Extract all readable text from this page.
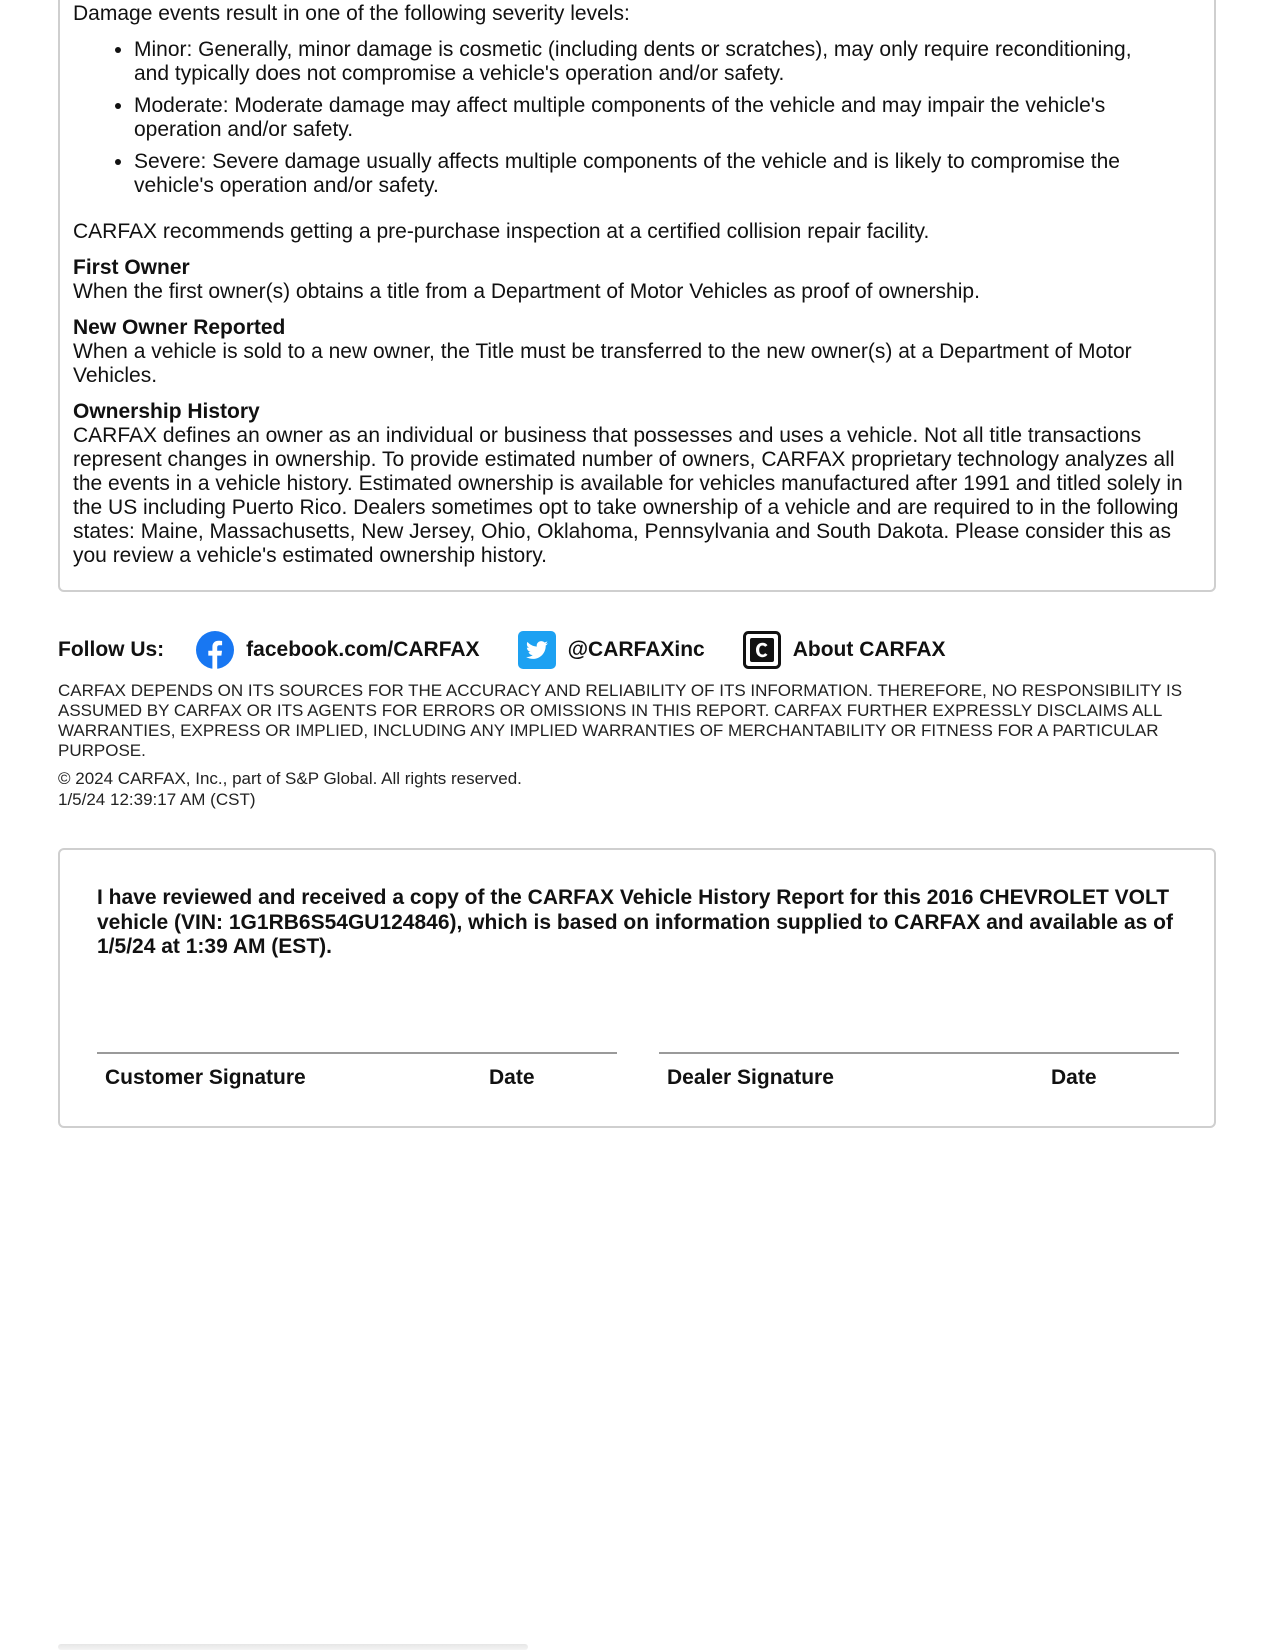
Damage events result in one of the following severity levels:

• Minor: Generally, minor damage is cosmetic (including dents or scratches), may only require reconditioning, and typically does not compromise a vehicle's operation and/or safety.
• Moderate: Moderate damage may affect multiple components of the vehicle and may impair the vehicle's operation and/or safety.
• Severe: Severe damage usually affects multiple components of the vehicle and is likely to compromise the vehicle's operation and/or safety.

CARFAX recommends getting a pre-purchase inspection at a certified collision repair facility.

First Owner

When the first owner(s) obtains a title from a Department of Motor Vehicles as proof of ownership.

New Owner Reported

When a vehicle is sold to a new owner, the Title must be transferred to the new owner(s) at a Department of Motor Vehicles.

Ownership History

CARFAX defines an owner as an individual or business that possesses and uses a vehicle. Not all title transactions represent changes in ownership. To provide estimated number of owners, CARFAX proprietary technology analyzes all the events in a vehicle history. Estimated ownership is available for vehicles manufactured after 1991 and titled solely in the US including Puerto Rico. Dealers sometimes opt to take ownership of a vehicle and are required to in the following states: Maine, Massachusetts, New Jersey, Ohio, Oklahoma, Pennsylvania and South Dakota. Please consider this as you review a vehicle's estimated ownership history.

Follow Us:	facebook.com/CARFAX	@CARFAXinc	About CARFAX
CARFAX DEPENDS ON ITS SOURCES FOR THE ACCURACY AND RELIABILITY OF ITS INFORMATION. THEREFORE, NO RESPONSIBILITY IS ASSUMED BY CARFAX OR ITS AGENTS FOR ERRORS OR OMISSIONS IN THIS REPORT. CARFAX FURTHER EXPRESSLY DISCLAIMS ALL WARRANTIES, EXPRESS OR IMPLIED, INCLUDING ANY IMPLIED WARRANTIES OF MERCHANTABILITY OR FITNESS FOR A PARTICULAR PURPOSE.
© 2024 CARFAX, Inc., part of S&P Global. All rights reserved.
1/5/24 12:39:17 AM (CST)
I have reviewed and received a copy of the CARFAX Vehicle History Report for this 2016 CHEVROLET VOLT vehicle (VIN: 1G1RB6S54GU124846), which is based on information supplied to CARFAX and available as of 1/5/24 at 1:39 AM (EST).
Customer Signature	Date	Dealer Signature	Date
